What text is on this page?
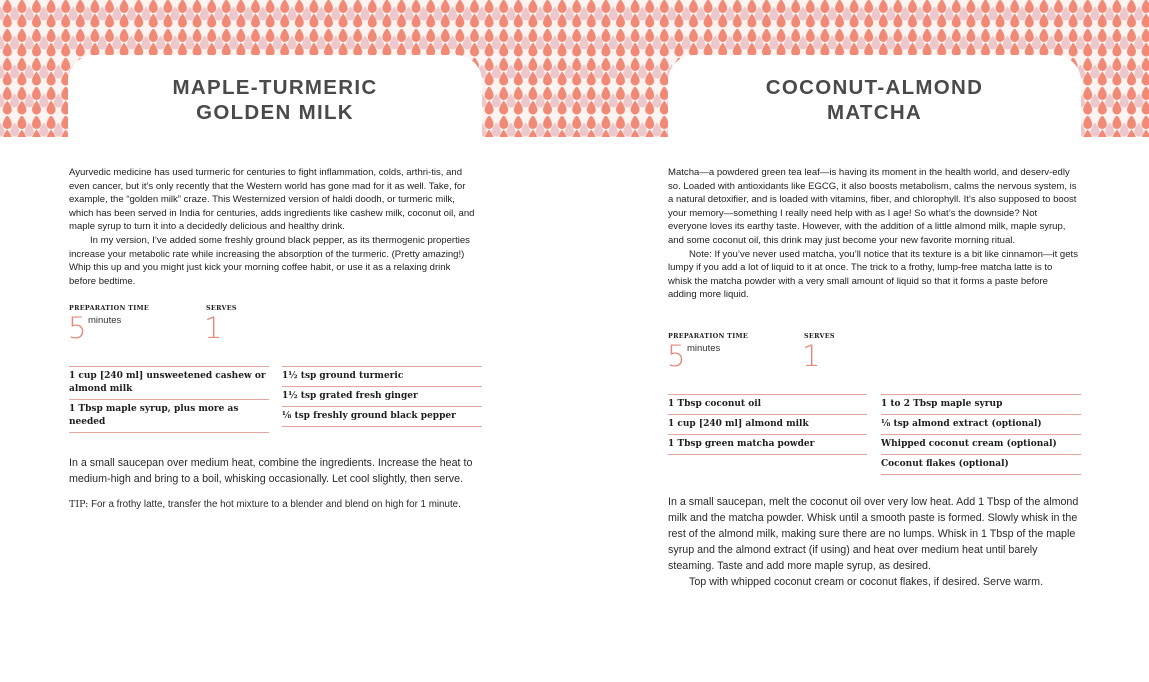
MAPLE-TURMERIC
GOLDEN MILK

Ayurvedic medicine has used turmeric for centuries to fight inflammation, colds, arthri-tis, and even cancer, but it’s only recently that the Western world has gone mad for it as well. Take, for example, the “golden milk” craze. This Westernized version of haldi doodh, or turmeric milk, which has been served in India for centuries, adds ingredients like cashew milk, coconut oil, and maple syrup to turn it into a decidedly delicious and healthy drink.

In my version, I’ve added some freshly ground black pepper, as its thermogenic properties increase your metabolic rate while increasing the absorption of the turmeric. (Pretty amazing!) Whip this up and you might just kick your morning coffee habit, or use it as a relaxing drink before bedtime.

PREPARATION TIME
5 minutes
SERVES
1
1 cup [240 ml] unsweetened cashew or almond milk
1 Tbsp maple syrup, plus more as needed
1½ tsp ground turmeric
1½ tsp grated fresh ginger
⅛ tsp freshly ground black pepper

In a small saucepan over medium heat, combine the ingredients. Increase the heat to medium-high and bring to a boil, whisking occasionally. Let cool slightly, then serve.

TIP: For a frothy latte, transfer the hot mixture to a blender and blend on high for 1 minute.
COCONUT-ALMOND
MATCHA

Matcha—a powdered green tea leaf—is having its moment in the health world, and deserv-edly so. Loaded with antioxidants like EGCG, it also boosts metabolism, calms the nervous system, is a natural detoxifier, and is loaded with vitamins, fiber, and chlorophyll. It’s also supposed to boost your memory—something I really need help with as I age! So what’s the downside? Not everyone loves its earthy taste. However, with the addition of a little almond milk, maple syrup, and some coconut oil, this drink may just become your new favorite morning ritual.

Note: If you’ve never used matcha, you’ll notice that its texture is a bit like cinnamon—it gets lumpy if you add a lot of liquid to it at once. The trick to a frothy, lump-free matcha latte is to whisk the matcha powder with a very small amount of liquid so that it forms a paste before adding more liquid.

PREPARATION TIME
5 minutes
SERVES
1
1 Tbsp coconut oil
1 cup [240 ml] almond milk
1 Tbsp green matcha powder
1 to 2 Tbsp maple syrup
⅛ tsp almond extract (optional)
Whipped coconut cream (optional)
Coconut flakes (optional)

In a small saucepan, melt the coconut oil over very low heat. Add 1 Tbsp of the almond milk and the matcha powder. Whisk until a smooth paste is formed. Slowly whisk in the rest of the almond milk, making sure there are no lumps. Whisk in 1 Tbsp of the maple syrup and the almond extract (if using) and heat over medium heat until barely steaming. Taste and add more maple syrup, as desired.

Top with whipped coconut cream or coconut flakes, if desired. Serve warm.
